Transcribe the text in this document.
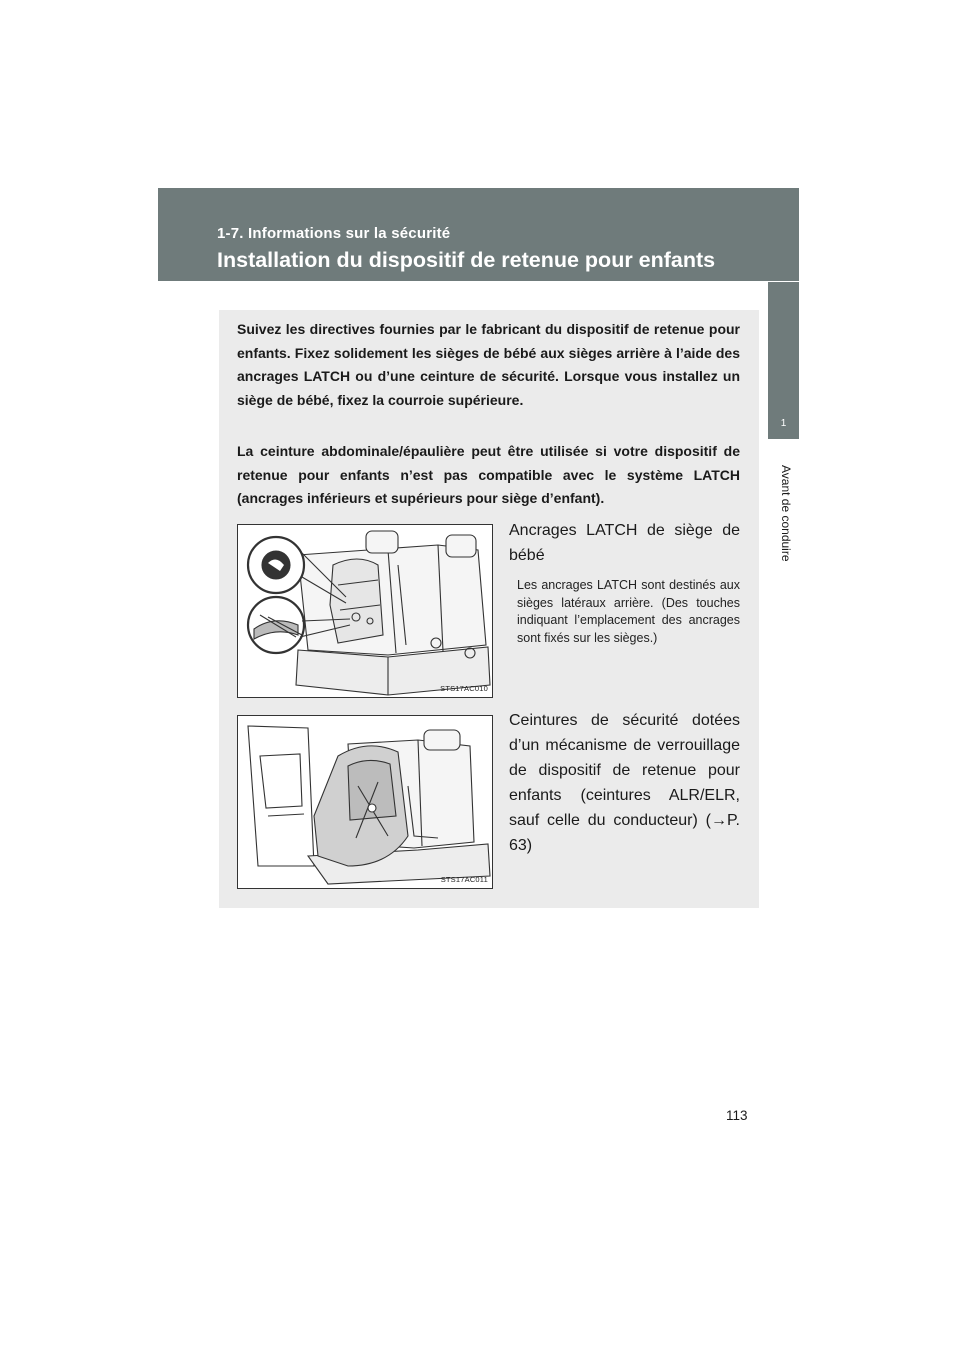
1-7. Informations sur la sécurité
Installation du dispositif de retenue pour enfants
1
Avant de conduire

Suivez les directives fournies par le fabricant du dispositif de retenue pour enfants. Fixez solidement les sièges de bébé aux sièges arrière à l’aide des ancrages LATCH ou d’une ceinture de sécurité. Lorsque vous installez un siège de bébé, fixez la courroie supérieure.

La ceinture abdominale/épaulière peut être utilisée si votre dispositif de retenue pour enfants n’est pas compatible avec le système LATCH (ancrages inférieurs et supérieurs pour siège d’enfant).

STS17AC010
Ancrages LATCH de siège de bébé

Les ancrages LATCH sont destinés aux sièges latéraux arrière. (Des touches indiquant l’emplacement des ancrages sont fixés sur les sièges.)

STS17AC011
Ceintures de sécurité dotées d’un mécanisme de verrouillage de dispositif de retenue pour enfants (ceintures ALR/ELR, sauf celle du conducteur) (→P. 63)
113
